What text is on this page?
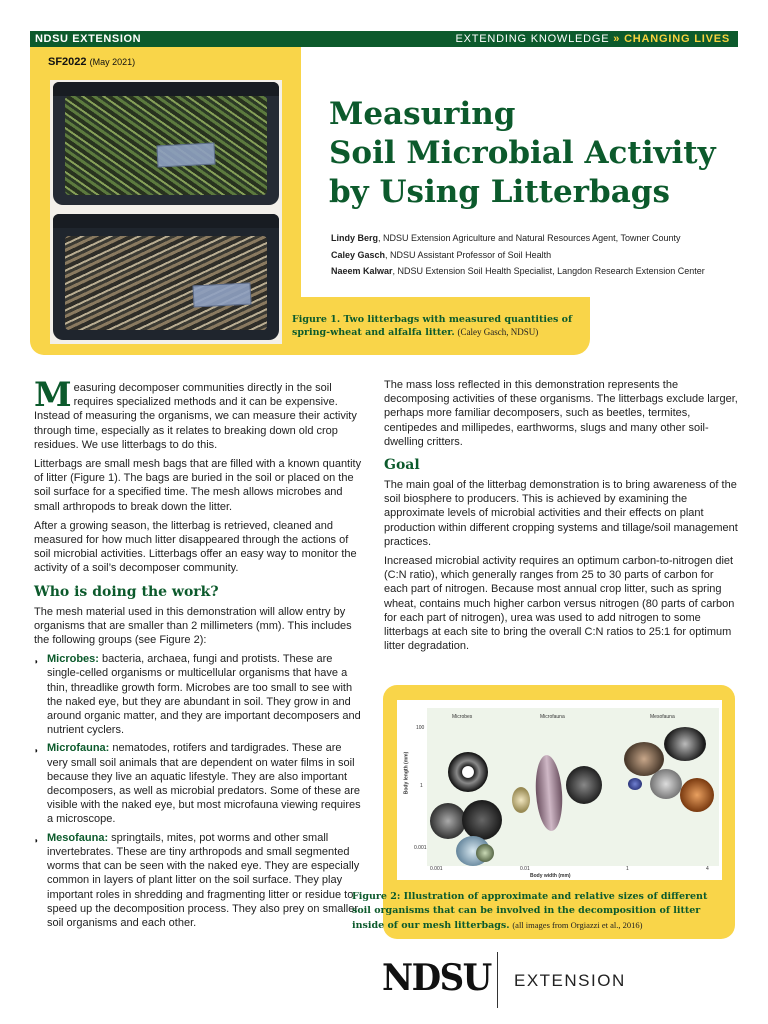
NDSU EXTENSION	EXTENDING KNOWLEDGE » CHANGING LIVES
SF2022 (May 2021)
Measuring
Soil Microbial Activity
by Using Litterbags
Lindy Berg, NDSU Extension Agriculture and Natural Resources Agent, Towner County
Caley Gasch, NDSU Assistant Professor of Soil Health
Naeem Kalwar, NDSU Extension Soil Health Specialist, Langdon Research Extension Center
Figure 1. Two litterbags with measured quantities of spring-wheat and alfalfa litter. (Caley Gasch, NDSU)

Measuring decomposer communities directly in the soil requires specialized methods and it can be expensive. Instead of measuring the organisms, we can measure their activity through time, especially as it relates to breaking down old crop residues. We use litterbags to do this.

Litterbags are small mesh bags that are filled with a known quantity of litter (Figure 1). The bags are buried in the soil or placed on the soil surface for a specified time. The mesh allows microbes and small arthropods to break down the litter.

After a growing season, the litterbag is retrieved, cleaned and measured for how much litter disappeared through the actions of soil microbial activities. Litterbags offer an easy way to monitor the activity of a soil’s decomposer community.

Who is doing the work?

The mesh material used in this demonstration will allow entry by organisms that are smaller than 2 millimeters (mm). This includes the following groups (see Figure 2):

◗ Microbes: bacteria, archaea, fungi and protists. These are single-celled organisms or multicellular organisms that have a thin, threadlike growth form. Microbes are too small to see with the naked eye, but they are abundant in soil. They grow in and around organic matter, and they are important decomposers and nutrient cyclers.
◗ Microfauna: nematodes, rotifers and tardigrades. These are very small soil animals that are dependent on water films in soil because they live an aquatic lifestyle. They are also important decomposers, as well as microbial predators. Some of these are visible with the naked eye, but most microfauna viewing requires a microscope.
◗ Mesofauna: springtails, mites, pot worms and other small invertebrates. These are tiny arthropods and small segmented worms that can be seen with the naked eye. They are especially common in layers of plant litter on the soil surface. They play important roles in shredding and fragmenting litter or residue to speed up the decomposition process. They also prey on smaller soil organisms and each other.

The mass loss reflected in this demonstration represents the decomposing activities of these organisms. The litterbags exclude larger, perhaps more familiar decomposers, such as beetles, termites, centipedes and millipedes, earthworms, slugs and many other soil-dwelling critters.

Goal

The main goal of the litterbag demonstration is to bring awareness of the soil biosphere to producers. This is achieved by examining the approximate levels of microbial activities and their effects on plant production within different cropping systems and tillage/soil management practices.

Increased microbial activity requires an optimum carbon-to-nitrogen diet (C:N ratio), which generally ranges from 25 to 30 parts of carbon for each part of nitrogen. Because most annual crop litter, such as spring wheat, contains much higher carbon versus nitrogen (80 parts of carbon for each part of nitrogen), urea was used to add nitrogen to some litterbags at each site to bring the overall C:N ratios to 25:1 for optimum litter degradation.

Microbes	Microfauna	Mesofauna
Body length (mm)
Body width (mm)
100
1
0.001
0.001	0.01	1	4
Figure 2: Illustration of approximate and relative sizes of different soil organisms that can be involved in the decomposition of litter inside of our mesh litterbags. (all images from Orgiazzi et al., 2016)
NDSU EXTENSION
